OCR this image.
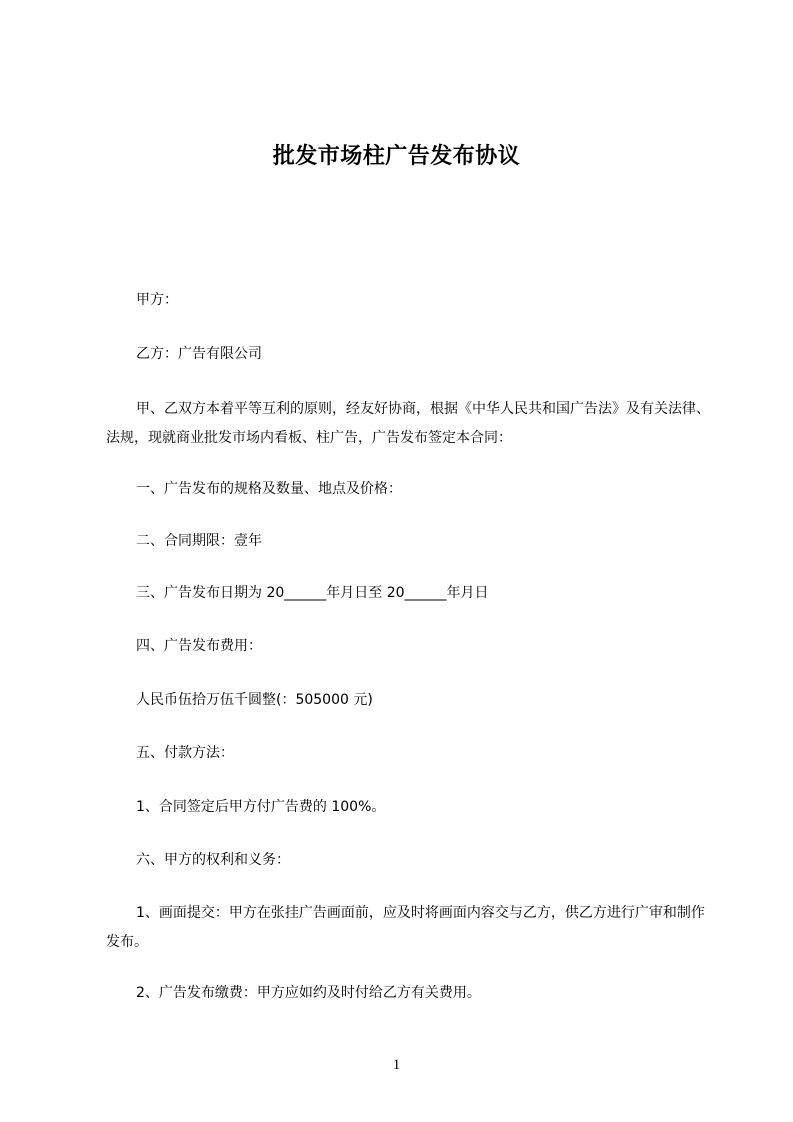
批发市场柱广告发布协议
甲方：
乙方：广告有限公司
甲、乙双方本着平等互利的原则，经友好协商，根据《中华人民共和国广告法》及有关法律、法规，现就商业批发市场内看板、柱广告，广告发布签定本合同：
一、广告发布的规格及数量、地点及价格：
二、合同期限：壹年
三、广告发布日期为 20______年月日至 20______年月日
四、广告发布费用：
人民币伍拾万伍千圆整(：505000 元)
五、付款方法：
1、合同签定后甲方付广告费的 100%。
六、甲方的权利和义务：
1、画面提交：甲方在张挂广告画面前，应及时将画面内容交与乙方，供乙方进行广审和制作发布。
2、广告发布缴费：甲方应如约及时付给乙方有关费用。
1
